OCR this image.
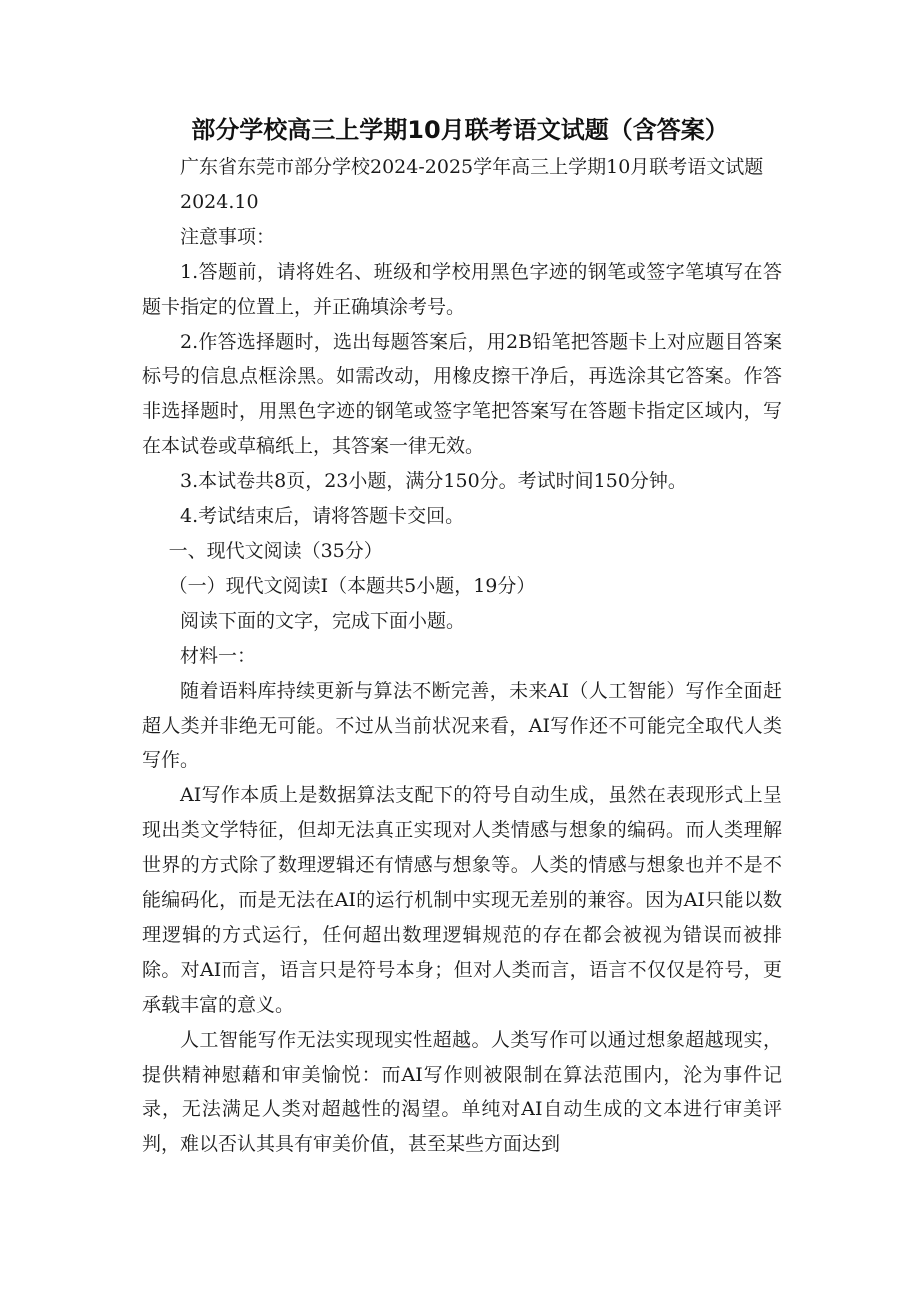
部分学校高三上学期10月联考语文试题（含答案）

广东省东莞市部分学校2024-2025学年高三上学期10月联考语文试题

2024.10

注意事项：

1.答题前，请将姓名、班级和学校用黑色字迹的钢笔或签字笔填写在答题卡指定的位置上，并正确填涂考号。

2.作答选择题时，选出每题答案后，用2B铅笔把答题卡上对应题目答案标号的信息点框涂黑。如需改动，用橡皮擦干净后，再选涂其它答案。作答非选择题时，用黑色字迹的钢笔或签字笔把答案写在答题卡指定区域内，写在本试卷或草稿纸上，其答案一律无效。

3.本试卷共8页，23小题，满分150分。考试时间150分钟。

4.考试结束后，请将答题卡交回。

一、现代文阅读（35分）

（一）现代文阅读Ⅰ（本题共5小题，19分）

阅读下面的文字，完成下面小题。

材料一：

随着语料库持续更新与算法不断完善，未来AI（人工智能）写作全面赶超人类并非绝无可能。不过从当前状况来看，AI写作还不可能完全取代人类写作。

AI写作本质上是数据算法支配下的符号自动生成，虽然在表现形式上呈现出类文学特征，但却无法真正实现对人类情感与想象的编码。而人类理解世界的方式除了数理逻辑还有情感与想象等。人类的情感与想象也并不是不能编码化，而是无法在AI的运行机制中实现无差别的兼容。因为AI只能以数理逻辑的方式运行，任何超出数理逻辑规范的存在都会被视为错误而被排除。对AI而言，语言只是符号本身；但对人类而言，语言不仅仅是符号，更承载丰富的意义。

人工智能写作无法实现现实性超越。人类写作可以通过想象超越现实，提供精神慰藉和审美愉悦：而AI写作则被限制在算法范围内，沦为事件记录，无法满足人类对超越性的渴望。单纯对AI自动生成的文本进行审美评判，难以否认其具有审美价值，甚至某些方面达到
